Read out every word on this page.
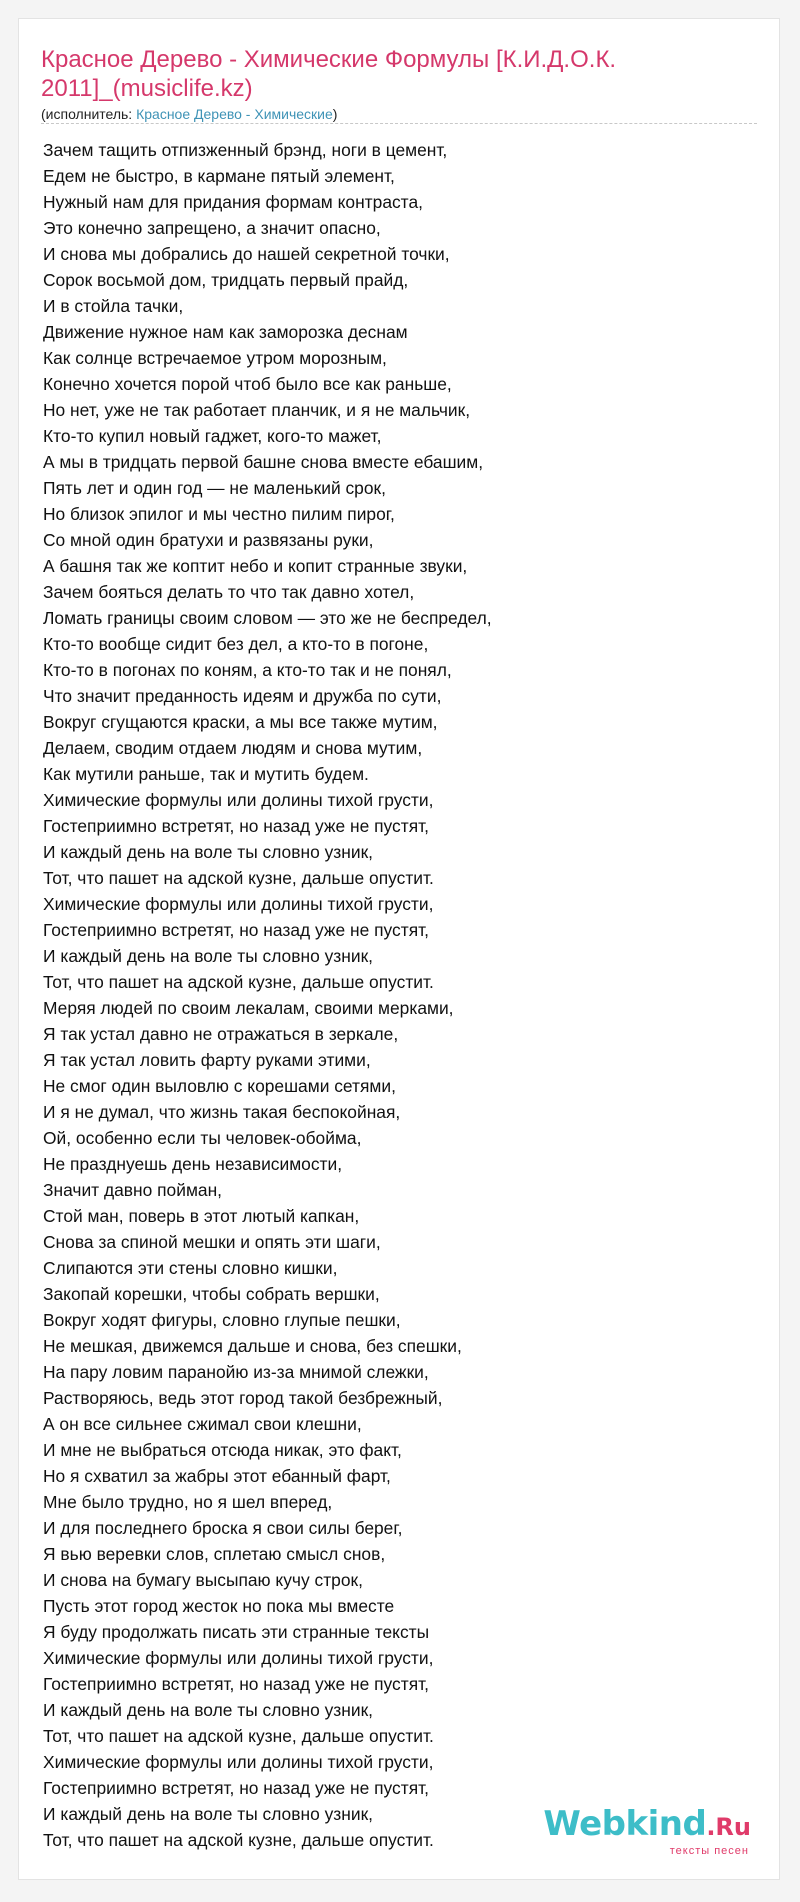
Красное Дерево - Химические Формулы [К.И.Д.О.К. 2011]_(musiclife.kz)
(исполнитель: Красное Дерево - Химические)
Зачем тащить отпизженный брэнд, ноги в цемент,
Едем не быстро, в кармане пятый элемент,
Нужный нам для придания формам контраста,
Это конечно запрещено, а значит опасно,
И снова мы добрались до нашей секретной точки,
Сорок восьмой дом, тридцать первый прайд,
И в стойла тачки,
Движение нужное нам как заморозка деснам
Как солнце встречаемое утром морозным,
Конечно хочется порой чтоб было все как раньше,
Но нет, уже не так работает планчик, и я не мальчик,
Кто-то купил новый гаджет, кого-то мажет,
А мы в тридцать первой башне снова вместе ебашим,
Пять лет и один год — не маленький срок,
Но близок эпилог и мы честно пилим пирог,
Со мной один братухи и развязаны руки,
А башня так же коптит небо и копит странные звуки,
Зачем бояться делать то что так давно хотел,
Ломать границы своим словом — это же не беспредел,
Кто-то вообще сидит без дел, а кто-то в погоне,
Кто-то в погонах по коням, а кто-то так и не понял,
Что значит преданность идеям и дружба по сути,
Вокруг сгущаются краски, а мы все также мутим,
Делаем, сводим отдаем людям и снова мутим,
Как мутили раньше, так и мутить будем.
Химические формулы или долины тихой грусти,
Гостеприимно встретят, но назад уже не пустят,
И каждый день на воле ты словно узник,
Тот, что пашет на адской кузне, дальше опустит.
Химические формулы или долины тихой грусти,
Гостеприимно встретят, но назад уже не пустят,
И каждый день на воле ты словно узник,
Тот, что пашет на адской кузне, дальше опустит.
Меряя людей по своим лекалам, своими мерками,
Я так устал давно не отражаться в зеркале,
Я так устал ловить фарту руками этими,
Не смог один выловлю с корешами сетями,
И я не думал, что жизнь такая беспокойная,
Ой, особенно если ты человек-обойма,
Не празднуешь день независимости,
Значит давно пойман,
Стой ман, поверь в этот лютый капкан,
Снова за спиной мешки и опять эти шаги,
Слипаются эти стены словно кишки,
Закопай корешки, чтобы собрать вершки,
Вокруг ходят фигуры, словно глупые пешки,
Не мешкая, движемся дальше и снова, без спешки,
На пару ловим паранойю из-за мнимой слежки,
Растворяюсь, ведь этот город такой безбрежный,
А он все сильнее сжимал свои клешни,
И мне не выбраться отсюда никак, это факт,
Но я схватил за жабры этот ебанный фарт,
Мне было трудно, но я шел вперед,
И для последнего броска я свои силы берег,
Я вью веревки слов, сплетаю смысл снов,
И снова на бумагу высыпаю кучу строк,
Пусть этот город жесток но пока мы вместе
Я буду продолжать писать эти странные тексты
Химические формулы или долины тихой грусти,
Гостеприимно встретят, но назад уже не пустят,
И каждый день на воле ты словно узник,
Тот, что пашет на адской кузне, дальше опустит.
Химические формулы или долины тихой грусти,
Гостеприимно встретят, но назад уже не пустят,
И каждый день на воле ты словно узник,
Тот, что пашет на адской кузне, дальше опустит.	Webkind.Ru
тексты песен
